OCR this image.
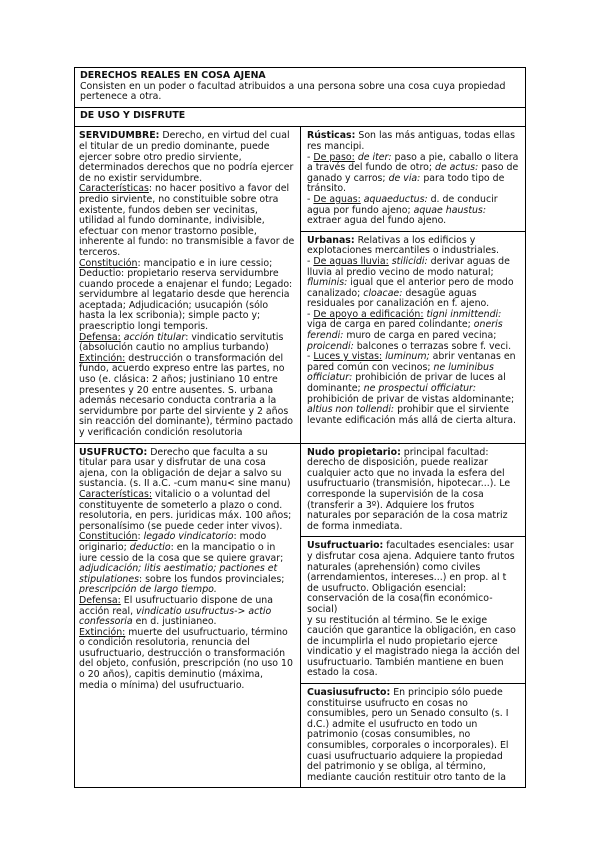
DERECHOS REALES EN COSA AJENA
Consisten en un poder o facultad atribuidos a una persona sobre una cosa cuya propiedad pertenece a otra.
DE USO Y DISFRUTE

SERVIDUMBRE: Derecho, en virtud del cual el titular de un predio dominante, puede ejercer sobre otro predio sirviente, determinados derechos que no podría ejercer de no existir servidumbre.

Características: no hacer positivo a favor del predio sirviente, no constituible sobre otra existente, fundos deben ser vecinitas, utilidad al fundo dominante, indivisible, efectuar con menor trastorno posible, inherente al fundo: no transmisible a favor de terceros.

Constitución: mancipatio e in iure cessio; Deductio: propietario reserva servidumbre cuando procede a enajenar el fundo; Legado: servidumbre al legatario desde que herencia aceptada; Adjudicación; usucapión (sólo hasta la lex scribonia); simple pacto y; praescriptio longi temporis.

Defensa: acción titular: vindicatio servitutis (absolución cautio no amplius turbando)

Extinción: destrucción o transformación del fundo, acuerdo expreso entre las partes, no uso (e. clásica: 2 años; justiniano 10 entre presentes y 20 entre ausentes. S. urbana además necesario conducta contraria a la servidumbre por parte del sirviente y 2 años sin reacción del dominante), término pactado y verificación condición resolutoria

Rústicas: Son las más antiguas, todas ellas res mancipi.

- De paso: de iter: paso a pie, caballo o litera a través del fundo de otro; de actus: paso de ganado y carros; de via: para todo tipo de tránsito.

- De aguas: aquaeductus: d. de conducir agua por fundo ajeno; aquae haustus: extraer agua del fundo ajeno.

Urbanas: Relativas a los edificios y explotaciones mercantiles o industriales.

- De aguas lluvia: stilicidi: derivar aguas de lluvia al predio vecino de modo natural; fluminis: igual que el anterior pero de modo canalizado; cloacae: desagüe aguas residuales por canalización en f. ajeno.

- De apoyo a edificación: tigni inmittendi: viga de carga en pared colindante; oneris ferendi: muro de carga en pared vecina; proicendi: balcones o terrazas sobre f. veci.

- Luces y vistas: luminum; abrir ventanas en pared común con vecinos; ne luminibus officiatur: prohibición de privar de luces al dominante; ne prospectui officiatur: prohibición de privar de vistas aldominante; altius non tollendi: prohibir que el sirviente levante edificación más allá de cierta altura.

USUFRUCTO: Derecho que faculta a su titular para usar y disfrutar de una cosa ajena, con la obligación de dejar a salvo su sustancia. (s. II a.C. -cum manu< sine manu)

Características: vitalicio o a voluntad del constituyente de someterlo a plazo o cond. resolutoria, en pers. juridicas máx. 100 años; personalísimo (se puede ceder inter vivos).

Constitución: legado vindicatorio: modo originario; deductio: en la mancipatio o in iure cessio de la cosa que se quiere gravar; adjudicación; litis aestimatio; pactiones et stipulationes: sobre los fundos provinciales; prescripción de largo tiempo.

Defensa: El usufructuario dispone de una acción real, vindicatio usufructus-> actio confessoria en d. justinianeo.

Extinción: muerte del usufructuario, término o condición resolutoria, renuncia del usufructuario, destrucción o transformación del objeto, confusión, prescripción (no uso 10 o 20 años), capitis deminutio (máxima, media o mínima) del usufructuario.

Nudo propietario: principal facultad: derecho de disposición, puede realizar cualquier acto que no invada la esfera del usufructuario (transmisión, hipotecar...). Le corresponde la supervisión de la cosa (transferir a 3º). Adquiere los frutos naturales por separación de la cosa matriz de forma inmediata.

Usufructuario: facultades esenciales: usar y disfrutar cosa ajena. Adquiere tanto frutos naturales (aprehensión) como civiles (arrendamientos, intereses...) en prop. al t de usufructo. Obligación esencial: conservación de la cosa(fin económico-social)

y su restitución al término. Se le exige caución que garantice la obligación, en caso de incumplirla el nudo propietario ejerce vindicatio y el magistrado niega la acción del usufructuario. También mantiene en buen estado la cosa.

Cuasiusufructo: En principio sólo puede constituirse usufructo en cosas no consumibles, pero un Senado consulto (s. I d.C.) admite el usufructo en todo un patrimonio (cosas consumibles, no consumibles, corporales o incorporales). El cuasi usufructuario adquiere la propiedad del patrimonio y se obliga, al término, mediante caución restituir otro tanto de la
